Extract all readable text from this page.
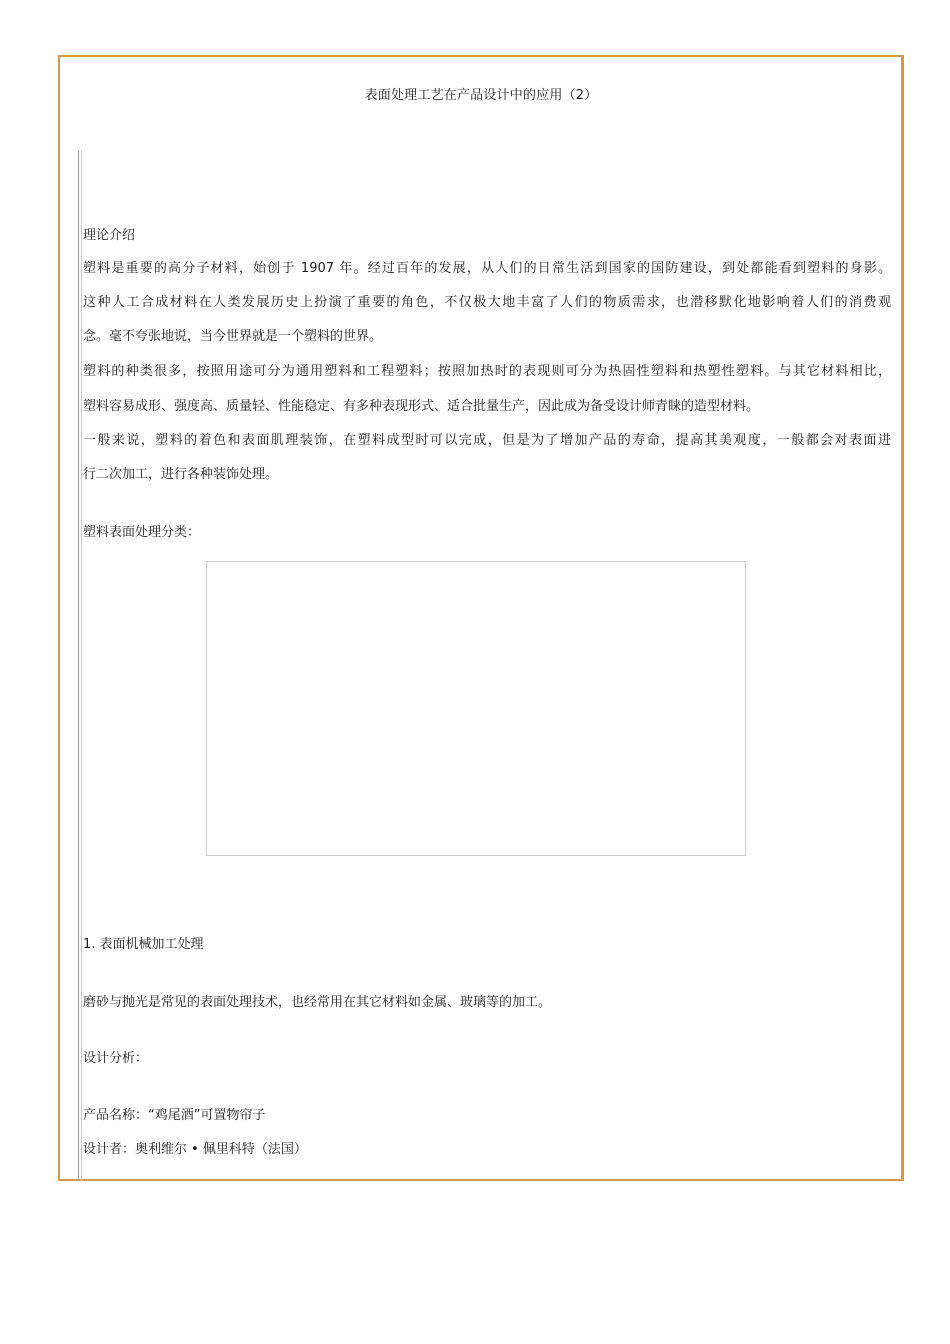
表面处理工艺在产品设计中的应用（2）
理论介绍
塑料是重要的高分子材料，始创于 1907 年。经过百年的发展，从人们的日常生活到国家的国防建设，到处都能看到塑料的身影。
这种人工合成材料在人类发展历史上扮演了重要的角色，不仅极大地丰富了人们的物质需求，也潜移默化地影响着人们的消费观
念。毫不夸张地说，当今世界就是一个塑料的世界。
塑料的种类很多，按照用途可分为通用塑料和工程塑料；按照加热时的表现则可分为热固性塑料和热塑性塑料。与其它材料相比，
塑料容易成形、强度高、质量轻、性能稳定、有多种表现形式、适合批量生产，因此成为备受设计师青睐的造型材料。
一般来说，塑料的着色和表面肌理装饰，在塑料成型时可以完成，但是为了增加产品的寿命，提高其美观度，一般都会对表面进
行二次加工，进行各种装饰处理。
塑料表面处理分类：
1. 表面机械加工处理
磨砂与抛光是常见的表面处理技术，也经常用在其它材料如金属、玻璃等的加工。
设计分析：
产品名称：“鸡尾酒”可置物帘子
设计者：奥利维尔 • 佩里科特（法国）
